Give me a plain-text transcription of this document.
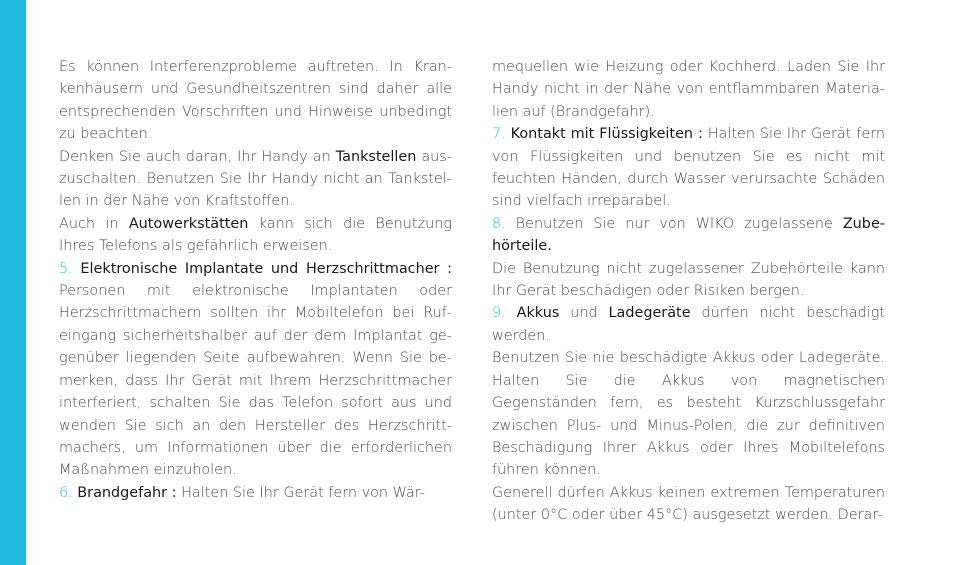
Es können Interferenzprobleme auftreten. In Krankenhäusern und Gesundheitszentren sind daher alle entsprechenden Vorschriften und Hinweise unbedingt zu beachten.

Denken Sie auch daran, Ihr Handy an Tankstellen auszuschalten. Benutzen Sie Ihr Handy nicht an Tankstellen in der Nähe von Kraftstoffen.

Auch in Autowerkstätten kann sich die Benutzung Ihres Telefons als gefährlich erweisen.

5. Elektronische Implantate und Herzschrittmacher : Personen mit elektronische Implantaten oder Herzschrittmachern sollten ihr Mobiltelefon bei Rufeingang sicherheitshalber auf der dem Implantat gegenüber liegenden Seite aufbewahren. Wenn Sie bemerken, dass Ihr Gerät mit Ihrem Herzschrittmacher interferiert, schalten Sie das Telefon sofort aus und wenden Sie sich an den Hersteller des Herzschrittmachers, um Informationen über die erforderlichen Maßnahmen einzuholen.

6. Brandgefahr : Halten Sie Ihr Gerät fern von Wär-

mequellen wie Heizung oder Kochherd. Laden Sie Ihr Handy nicht in der Nähe von entflammbaren Materialien auf (Brandgefahr).

7. Kontakt mit Flüssigkeiten : Halten Sie Ihr Gerät fern von Flüssigkeiten und benutzen Sie es nicht mit feuchten Händen, durch Wasser verursachte Schäden sind vielfach irreparabel.

8. Benutzen Sie nur von WIKO zugelassene Zubehörteile.

Die Benutzung nicht zugelassener Zubehörteile kann Ihr Gerät beschädigen oder Risiken bergen.

9. Akkus und Ladegeräte dürfen nicht beschädigt werden.

Benutzen Sie nie beschädigte Akkus oder Ladegeräte. Halten Sie die Akkus von magnetischen Gegenständen fern, es besteht Kurzschlussgefahr zwischen Plus- und Minus-Polen, die zur definitiven Beschädigung Ihrer Akkus oder Ihres Mobiltelefons führen können.

Generell dürfen Akkus keinen extremen Temperaturen (unter 0°C oder über 45°C) ausgesetzt werden. Derar-
